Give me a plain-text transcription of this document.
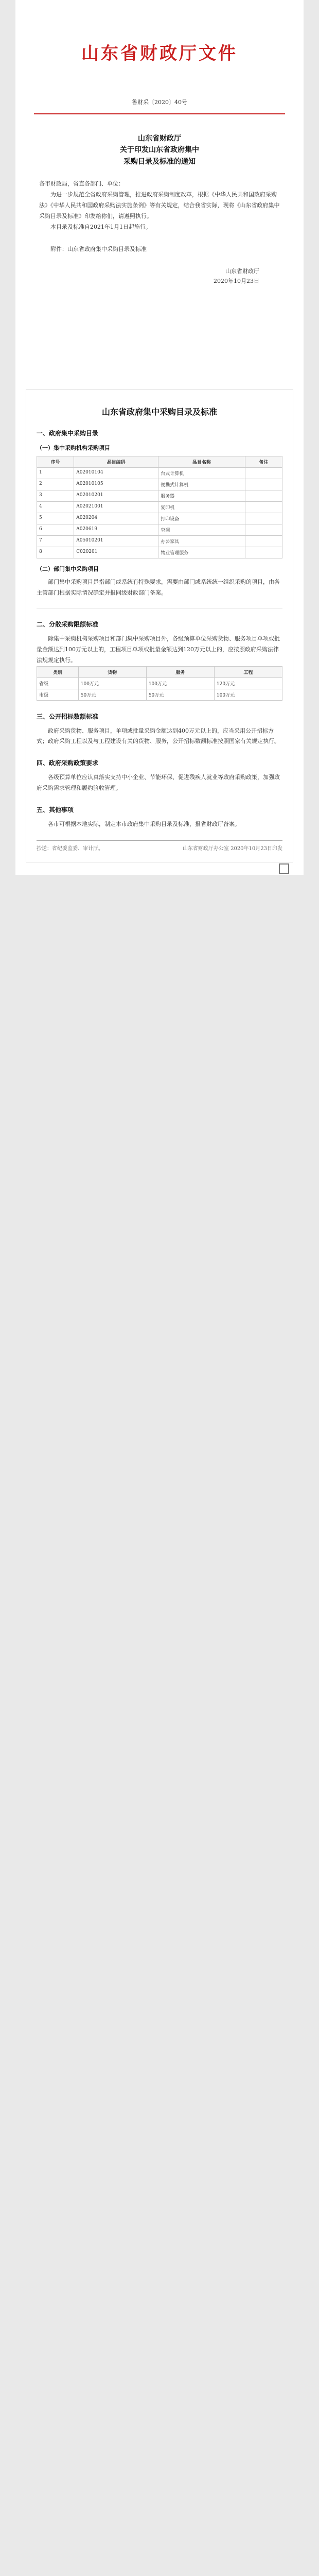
山东省财政厅文件
鲁财采〔2020〕40号
山东省财政厅
关于印发山东省政府集中
采购目录及标准的通知

各市财政局，省直各部门、单位：

为进一步规范全省政府采购管理，推进政府采购制度改革，根据《中华人民共和国政府采购法》《中华人民共和国政府采购法实施条例》等有关规定，结合我省实际，现将《山东省政府集中采购目录及标准》印发给你们，请遵照执行。

本目录及标准自2021年1月1日起施行。

附件：山东省政府集中采购目录及标准

山东省财政厅
2020年10月23日
山东省政府集中采购目录及标准
一、政府集中采购目录
（一）集中采购机构采购项目
序号	品目编码	品目名称	备注
1	A02010104	台式计算机	
2	A02010105	便携式计算机	
3	A02010201	服务器	
4	A02021001	复印机	
5	A020204	打印设备	
6	A020619	空调	
7	A05010201	办公家具	
8	C020201	物业管理服务	
（二）部门集中采购项目

部门集中采购项目是指部门或系统有特殊要求，需要由部门或系统统一组织采购的项目，由各主管部门根据实际情况确定并报同级财政部门备案。

二、分散采购限额标准

除集中采购机构采购项目和部门集中采购项目外，各级预算单位采购货物、服务项目单项或批量金额达到100万元以上的，工程项目单项或批量金额达到120万元以上的，应按照政府采购法律法规规定执行。

类别	货物	服务	工程
省级	100万元	100万元	120万元
市级	50万元	50万元	100万元
三、公开招标数额标准

政府采购货物、服务项目，单项或批量采购金额达到400万元以上的，应当采用公开招标方式；政府采购工程以及与工程建设有关的货物、服务，公开招标数额标准按照国家有关规定执行。

四、政府采购政策要求

各级预算单位应认真落实支持中小企业、节能环保、促进残疾人就业等政府采购政策，加强政府采购需求管理和履约验收管理。

五、其他事项

各市可根据本地实际，制定本市政府集中采购目录及标准，报省财政厅备案。

抄送：省纪委监委、审计厅。	山东省财政厅办公室 2020年10月23日印发
